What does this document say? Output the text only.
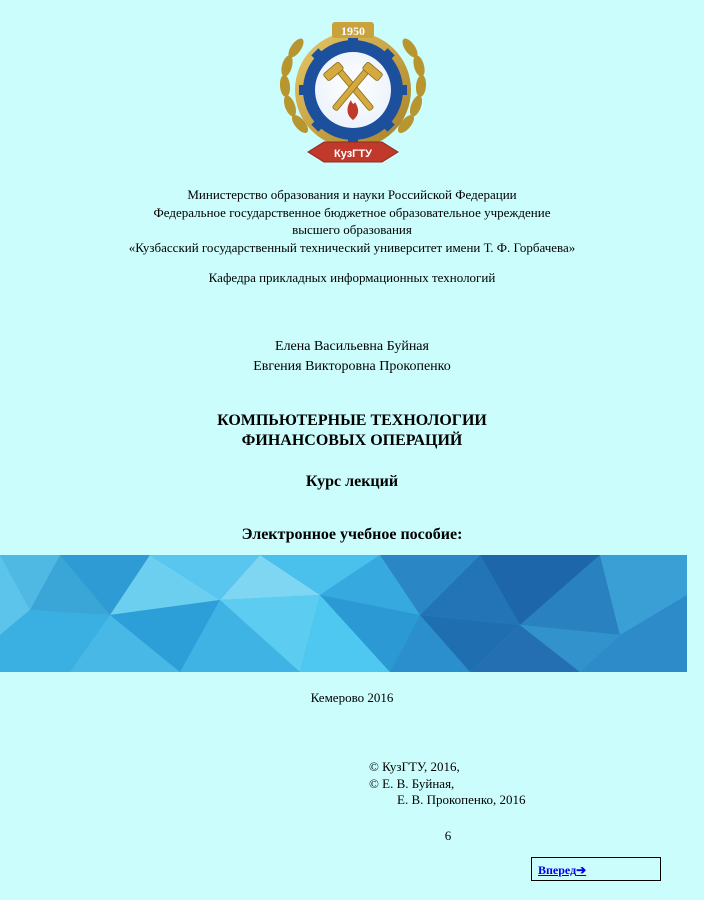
1950
КузГТУ
Министерство образования и науки Российской Федерации
Федеральное государственное бюджетное образовательное учреждение
высшего образования
«Кузбасский государственный технический университет имени Т. Ф. Горбачева»
Кафедра прикладных информационных технологий
Елена Васильевна Буйная
Евгения Викторовна Прокопенко
КОМПЬЮТЕРНЫЕ ТЕХНОЛОГИИ
ФИНАНСОВЫХ ОПЕРАЦИЙ
Курс лекций
Электронное учебное пособие:
Кемерово 2016
© КузГТУ, 2016,
© Е. В. Буйная,
Е. В. Прокопенко, 2016
6
Вперед➔
